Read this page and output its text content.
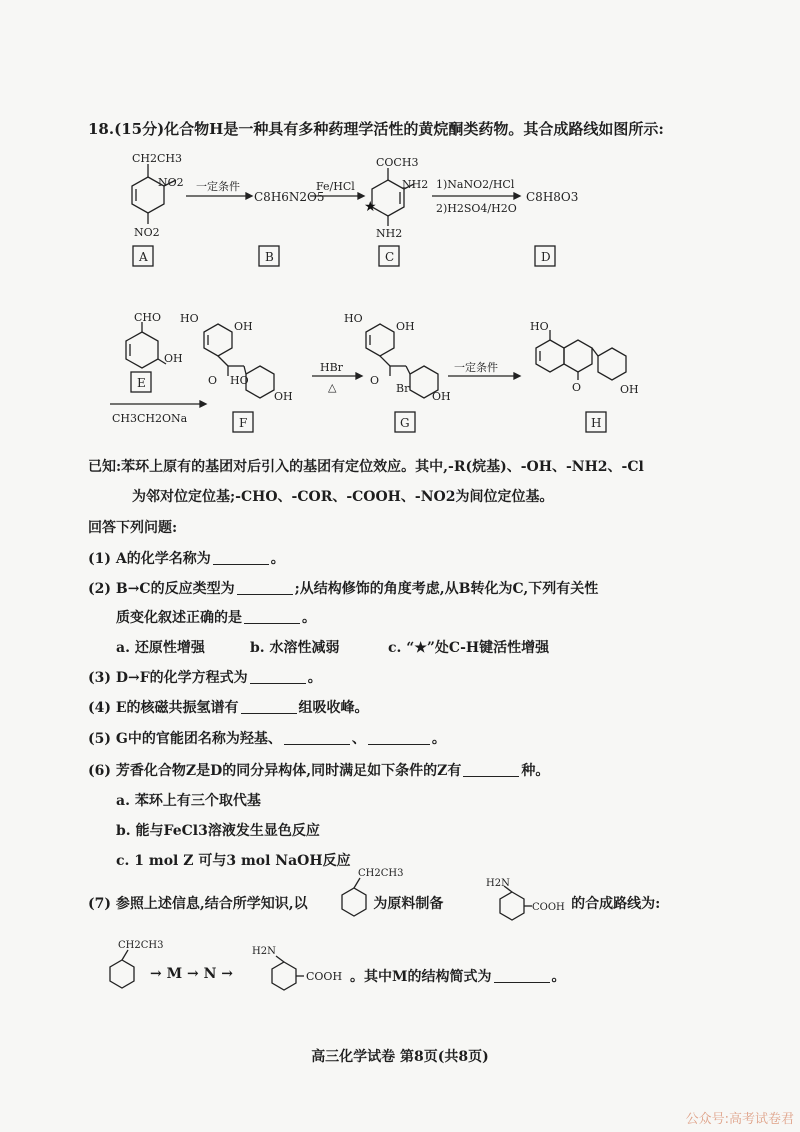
18.(15分)化合物H是一种具有多种药理学活性的黄烷酮类药物。其合成路线如图所示:
CH2CH3
NO2
NO2
A
一定条件
C8H6N2O5
B
Fe/HCl
COCH3
NH2
NH2
★
C
1)NaNO2/HCl
2)H2SO4/H2O
C8H8O3
D
CHO
OH
E
CH3CH2ONa
HO
OH
O HO
OH
F
HBr
△
HO
OH
O
Br
OH
G
一定条件
HO
O	OH
H
已知:苯环上原有的基团对后引入的基团有定位效应。其中,-R(烷基)、-OH、-NH2、-Cl
为邻对位定位基;-CHO、-COR、-COOH、-NO2为间位定位基。
回答下列问题:
(1) A的化学名称为	。
(2) B→C的反应类型为	;从结构修饰的角度考虑,从B转化为C,下列有关性
质变化叙述正确的是	。
a. 还原性增强	b. 水溶性减弱	c. “★”处C-H键活性增强
(3) D→F的化学方程式为	。
(4) E的核磁共振氢谱有	组吸收峰。
(5) G中的官能团名称为羟基、	、	。
(6) 芳香化合物Z是D的同分异构体,同时满足如下条件的Z有	种。
a. 苯环上有三个取代基
b. 能与FeCl3溶液发生显色反应
c. 1 mol Z 可与3 mol NaOH反应
(7) 参照上述信息,结合所学知识,以	为原料制备	的合成路线为:
CH2CH3
H2N
COOH
CH2CH3
H2N
COOH
→ M → N →	。其中M的结构简式为	。
高三化学试卷 第8页(共8页)
公众号:高考试卷君
